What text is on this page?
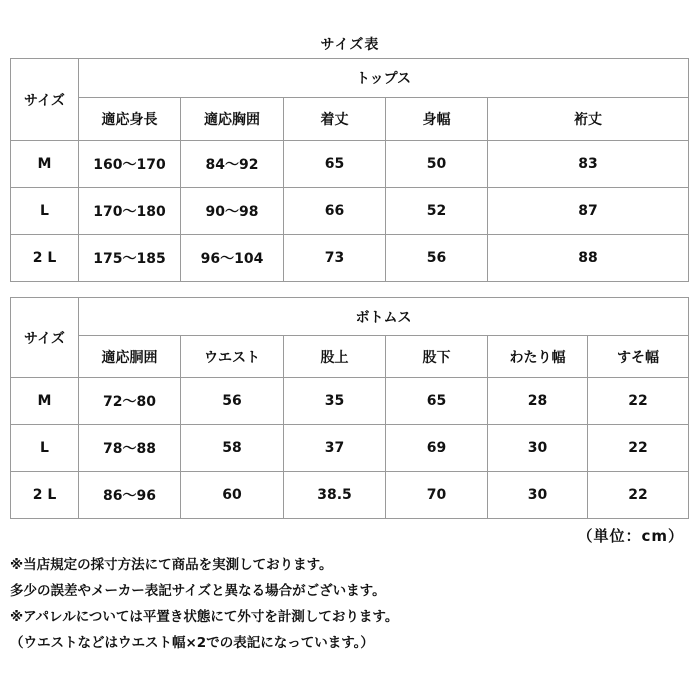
サイズ表
サイズ	トップス				
	適応身長	適応胸囲	着丈	身幅	裄丈
M	160〜170	84〜92	65	50	83
L	170〜180	90〜98	66	52	87
2 L	175〜185	96〜104	73	56	88
サイズ	ボトムス					
	適応胴囲	ウエスト	股上	股下	わたり幅	すそ幅
M	72〜80	56	35	65	28	22
L	78〜88	58	37	69	30	22
2 L	86〜96	60	38.5	70	30	22
（単位：cm）
※当店規定の採寸方法にて商品を実測しております。
多少の誤差やメーカー表記サイズと異なる場合がございます。
※アパレルについては平置き状態にて外寸を計測しております。
（ウエストなどはウエスト幅×2での表記になっています。）
